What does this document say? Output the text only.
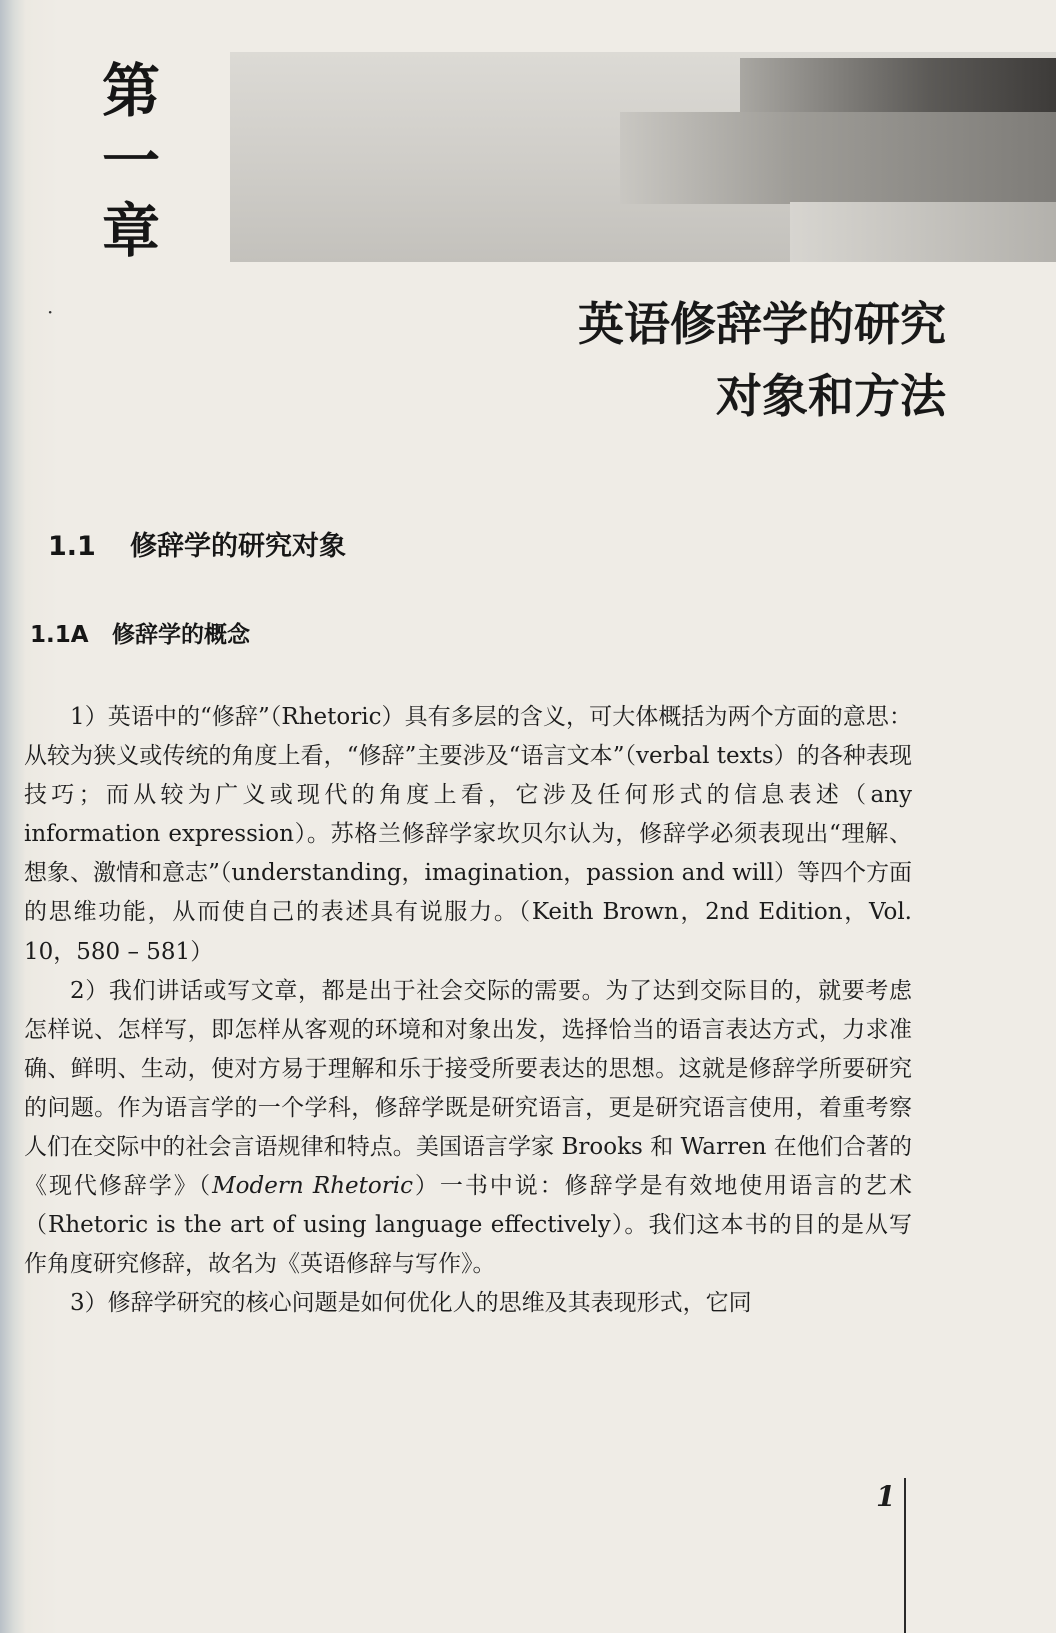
第
一
章
·	英语修辞学的研究
对象和方法
1.1 修辞学的研究对象
1.1A 修辞学的概念

1）英语中的“修辞”（Rhetoric）具有多层的含义，可大体概括为两个方面的意思：从较为狭义或传统的角度上看，“修辞”主要涉及“语言文本”（verbal texts）的各种表现技巧；而从较为广义或现代的角度上看，它涉及任何形式的信息表述（any information expression）。苏格兰修辞学家坎贝尔认为，修辞学必须表现出“理解、想象、激情和意志”（understanding，imagination，passion and will）等四个方面的思维功能，从而使自己的表述具有说服力。（Keith Brown，2nd Edition，Vol. 10，580 – 581）

2）我们讲话或写文章，都是出于社会交际的需要。为了达到交际目的，就要考虑怎样说、怎样写，即怎样从客观的环境和对象出发，选择恰当的语言表达方式，力求准确、鲜明、生动，使对方易于理解和乐于接受所要表达的思想。这就是修辞学所要研究的问题。作为语言学的一个学科，修辞学既是研究语言，更是研究语言使用，着重考察人们在交际中的社会言语规律和特点。美国语言学家 Brooks 和 Warren 在他们合著的《现代修辞学》（Modern Rhetoric）一书中说：修辞学是有效地使用语言的艺术（Rhetoric is the art of using language effectively）。我们这本书的目的是从写作角度研究修辞，故名为《英语修辞与写作》。

3）修辞学研究的核心问题是如何优化人的思维及其表现形式，它同

1
